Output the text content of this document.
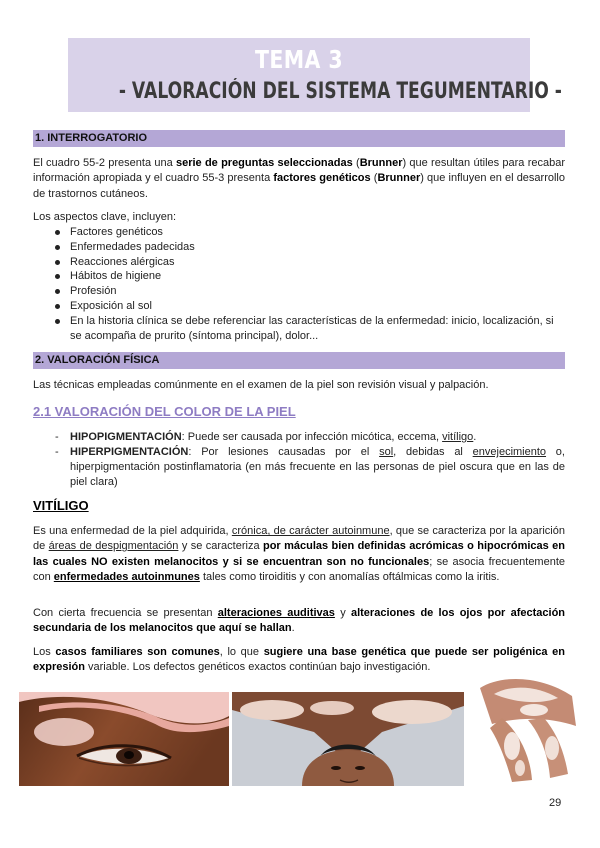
TEMA 3
- VALORACIÓN DEL SISTEMA TEGUMENTARIO -
1. INTERROGATORIO
El cuadro 55-2 presenta una serie de preguntas seleccionadas (Brunner) que resultan útiles para recabar información apropiada y el cuadro 55-3 presenta factores genéticos (Brunner) que influyen en el desarrollo de trastornos cutáneos.
Los aspectos clave, incluyen:
Factores genéticos
Enfermedades padecidas
Reacciones alérgicas
Hábitos de higiene
Profesión
Exposición al sol
En la historia clínica se debe referenciar las características de la enfermedad: inicio, localización, si se acompaña de prurito (síntoma principal), dolor...
2. VALORACIÓN FÍSICA
Las técnicas empleadas comúnmente en el examen de la piel son revisión visual y palpación.
2.1 VALORACIÓN DEL COLOR DE LA PIEL
- HIPOPIGMENTACIÓN: Puede ser causada por infección micótica, eccema, vitíligo.
- HIPERPIGMENTACIÓN: Por lesiones causadas por el sol, debidas al envejecimiento o, hiperpigmentación postinflamatoria (en más frecuente en las personas de piel oscura que en las de piel clara)
VITÍLIGO
Es una enfermedad de la piel adquirida, crónica, de carácter autoinmune, que se caracteriza por la aparición de áreas de despigmentación y se caracteriza por máculas bien definidas acrómicas o hipocrómicas en las cuales NO existen melanocitos y si se encuentran son no funcionales; se asocia frecuentemente con enfermedades autoinmunes tales como tiroiditis y con anomalías oftálmicas como la iritis.
Con cierta frecuencia se presentan alteraciones auditivas y alteraciones de los ojos por afectación secundaria de los melanocitos que aquí se hallan.
Los casos familiares son comunes, lo que sugiere una base genética que puede ser poligénica en expresión variable. Los defectos genéticos exactos continúan bajo investigación.
29
